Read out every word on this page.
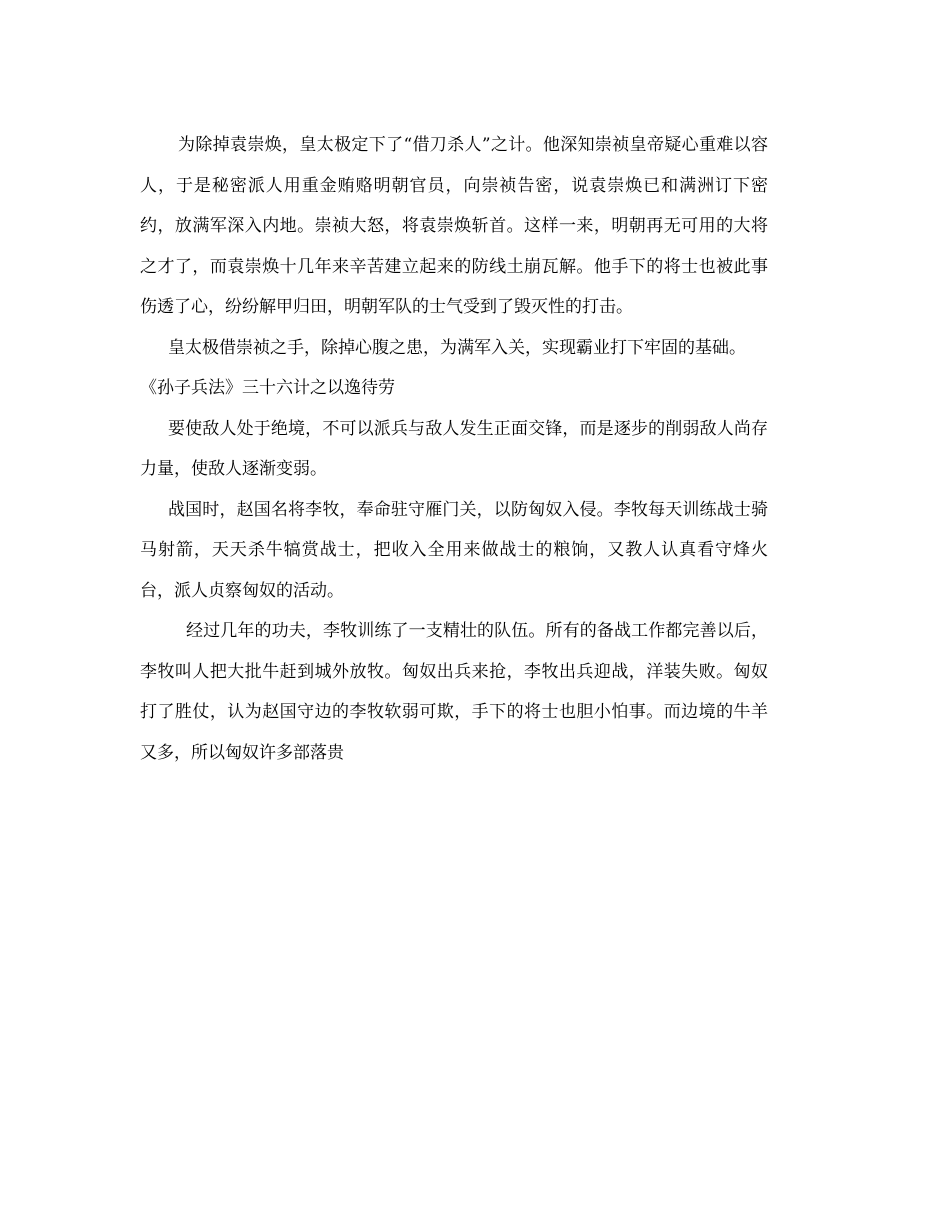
为除掉袁崇焕，皇太极定下了“借刀杀人”之计。他深知崇祯皇帝疑心重难以容人，于是秘密派人用重金贿赂明朝官员，向崇祯告密，说袁崇焕已和满洲订下密约，放满军深入内地。崇祯大怒，将袁崇焕斩首。这样一来，明朝再无可用的大将之才了，而袁崇焕十几年来辛苦建立起来的防线土崩瓦解。他手下的将士也被此事伤透了心，纷纷解甲归田，明朝军队的士气受到了毁灭性的打击。

皇太极借崇祯之手，除掉心腹之患，为满军入关，实现霸业打下牢固的基础。

《孙子兵法》三十六计之以逸待劳

要使敌人处于绝境，不可以派兵与敌人发生正面交锋，而是逐步的削弱敌人尚存力量，使敌人逐渐变弱。

战国时，赵国名将李牧，奉命驻守雁门关，以防匈奴入侵。李牧每天训练战士骑马射箭，天天杀牛犒赏战士，把收入全用来做战士的粮饷，又教人认真看守烽火台，派人贞察匈奴的活动。

经过几年的功夫，李牧训练了一支精壮的队伍。所有的备战工作都完善以后，李牧叫人把大批牛赶到城外放牧。匈奴出兵来抢，李牧出兵迎战，洋装失败。匈奴打了胜仗，认为赵国守边的李牧软弱可欺，手下的将士也胆小怕事。而边境的牛羊又多，所以匈奴许多部落贵
